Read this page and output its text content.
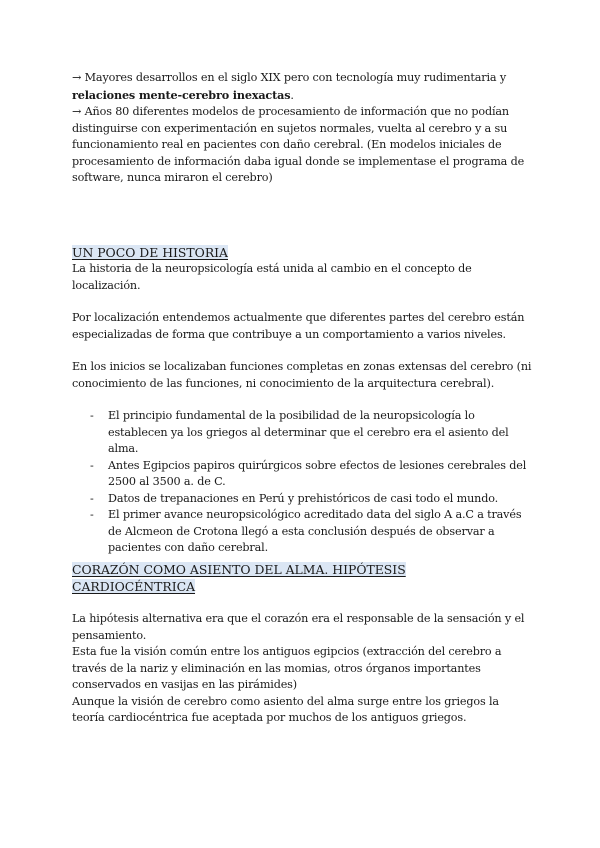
→ Mayores desarrollos en el siglo XIX pero con tecnología muy rudimentaria y relaciones mente-cerebro inexactas.

→ Años 80 diferentes modelos de procesamiento de información que no podían distinguirse con experimentación en sujetos normales, vuelta al cerebro y a su funcionamiento real en pacientes con daño cerebral. (En modelos iniciales de procesamiento de información daba igual donde se implementase el programa de software, nunca miraron el cerebro)

UN POCO DE HISTORIA

La historia de la neuropsicología está unida al cambio en el concepto de localización.

Por localización entendemos actualmente que diferentes partes del cerebro están especializadas de forma que contribuye a un comportamiento a varios niveles.

En los inicios se localizaban funciones completas en zonas extensas del cerebro (ni conocimiento de las funciones, ni conocimiento de la arquitectura cerebral).

- El principio fundamental de la posibilidad de la neuropsicología lo establecen ya los griegos al determinar que el cerebro era el asiento del alma.
- Antes Egipcios papiros quirúrgicos sobre efectos de lesiones cerebrales del 2500 al 3500 a. de C.
- Datos de trepanaciones en Perú y prehistóricos de casi todo el mundo.
- El primer avance neuropsicológico acreditado data del siglo A a.C a través de Alcmeon de Crotona llegó a esta conclusión después de observar a pacientes con daño cerebral.
CORAZÓN COMO ASIENTO DEL ALMA. HIPÓTESIS CARDIOCÉNTRICA

La hipótesis alternativa era que el corazón era el responsable de la sensación y el pensamiento.

Esta fue la visión común entre los antiguos egipcios (extracción del cerebro a través de la nariz y eliminación en las momias, otros órganos importantes conservados en vasijas en las pirámides)

Aunque la visión de cerebro como asiento del alma surge entre los griegos la teoría cardiocéntrica fue aceptada por muchos de los antiguos griegos.
